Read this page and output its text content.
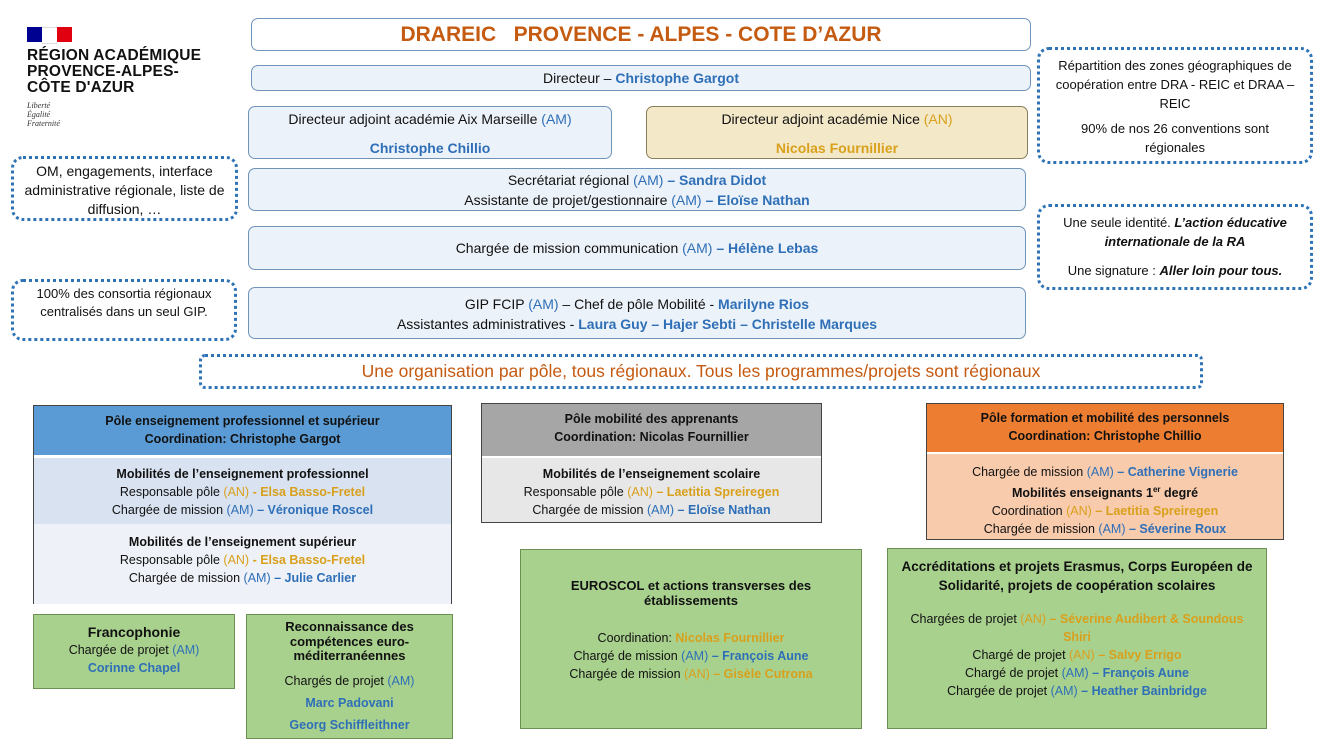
RÉGION ACADÉMIQUE
PROVENCE-ALPES-
CÔTE D'AZUR
Liberté
Égalité
Fraternité
DRAREIC   PROVENCE - ALPES - COTE D’AZUR
Directeur – Christophe Gargot
Directeur adjoint académie Aix Marseille (AM)
Christophe Chillio
Directeur adjoint académie Nice (AN)
Nicolas Fournillier
Secrétariat régional (AM) – Sandra Didot
Assistante de projet/gestionnaire (AM) – Eloïse Nathan
Chargée de mission communication (AM) – Hélène Lebas
GIP FCIP (AM) – Chef de pôle Mobilité - Marilyne Rios
Assistantes administratives - Laura Guy – Hajer Sebti – Christelle Marques
OM, engagements, interface administrative régionale, liste de diffusion, …
100% des consortia régionaux centralisés dans un seul GIP.
Répartition des zones géographiques de coopération entre DRA - REIC et DRAA – REIC
90% de nos 26 conventions sont régionales
Une seule identité. L’action éducative internationale de la RA
Une signature : Aller loin pour tous.
Une organisation par pôle, tous régionaux. Tous les programmes/projets sont régionaux
Pôle enseignement professionnel et supérieur
Coordination: Christophe Gargot
Mobilités de l’enseignement professionnel
Responsable pôle (AN) - Elsa Basso-Fretel
Chargée de mission (AM) – Véronique Roscel
Mobilités de l’enseignement supérieur
Responsable pôle (AN) - Elsa Basso-Fretel
Chargée de mission (AM) – Julie Carlier
Pôle mobilité des apprenants
Coordination: Nicolas Fournillier
Mobilités de l’enseignement scolaire
Responsable pôle (AN) – Laetitia Spreiregen
Chargée de mission (AM) – Eloïse Nathan
Pôle formation et mobilité des personnels
Coordination: Christophe Chillio
Chargée de mission (AM) – Catherine Vignerie
Mobilités enseignants 1er degré
Coordination (AN) – Laetitia Spreiregen
Chargée de mission (AM) – Séverine Roux
Francophonie
Chargée de projet (AM)
Corinne Chapel
Reconnaissance des compétences euro-méditerranéennes
Chargés de projet (AM)
Marc Padovani
Georg Schiffleithner
EUROSCOL et actions transverses des établissements
Coordination: Nicolas Fournillier
Chargé de mission (AM) – François Aune
Chargée de mission (AN) – Gisèle Cutrona
Accréditations et projets Erasmus, Corps Européen de Solidarité, projets de coopération scolaires
Chargées de projet (AN) – Séverine Audibert & Soundous Shiri
Chargé de projet (AN) – Salvy Errigo
Chargé de projet (AM) – François Aune
Chargée de projet (AM) – Heather Bainbridge
